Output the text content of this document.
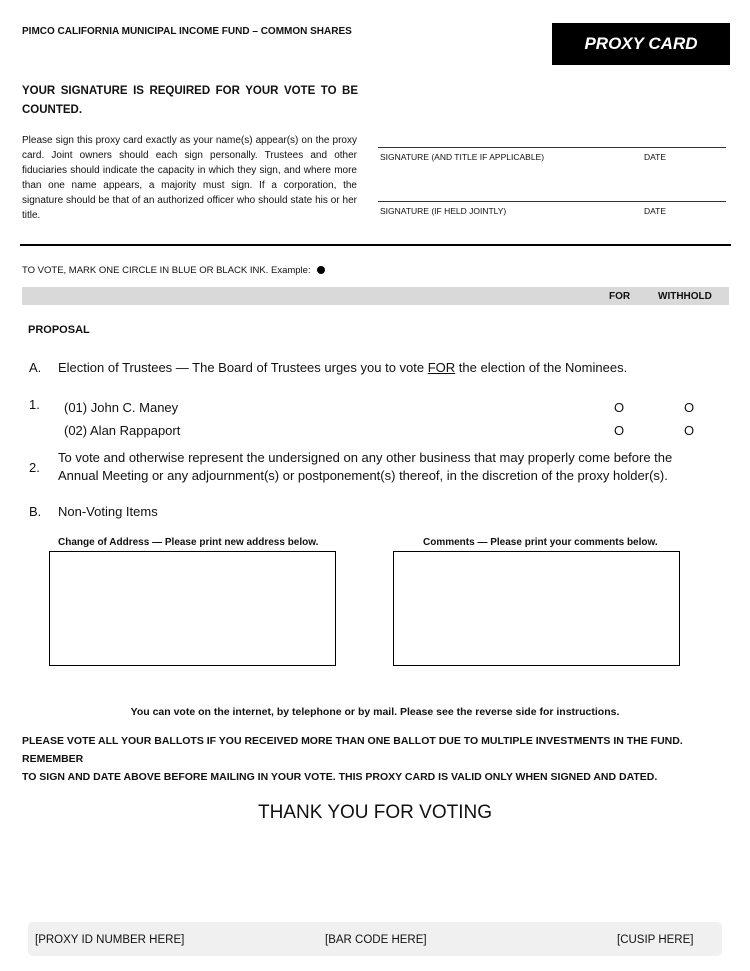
PIMCO CALIFORNIA MUNICIPAL INCOME FUND – COMMON SHARES
PROXY CARD
YOUR SIGNATURE IS REQUIRED FOR YOUR VOTE TO BE COUNTED.
Please sign this proxy card exactly as your name(s) appear(s) on the proxy card. Joint owners should each sign personally. Trustees and other fiduciaries should indicate the capacity in which they sign, and where more than one name appears, a majority must sign. If a corporation, the signature should be that of an authorized officer who should state his or her title.
SIGNATURE (AND TITLE IF APPLICABLE)	DATE
SIGNATURE (IF HELD JOINTLY)	DATE
TO VOTE, MARK ONE CIRCLE IN BLUE OR BLACK INK. Example:
FOR	WITHHOLD
PROPOSAL
A. Election of Trustees — The Board of Trustees urges you to vote FOR the election of the Nominees.
1. (01) John C. Maney	O	O
(02) Alan Rappaport	O	O
2.
To vote and otherwise represent the undersigned on any other business that may properly come before the
Annual Meeting or any adjournment(s) or postponement(s) thereof, in the discretion of the proxy holder(s).
B. Non-Voting Items
Change of Address — Please print new address below.	Comments — Please print your comments below.
You can vote on the internet, by telephone or by mail. Please see the reverse side for instructions.
PLEASE VOTE ALL YOUR BALLOTS IF YOU RECEIVED MORE THAN ONE BALLOT DUE TO MULTIPLE INVESTMENTS IN THE FUND. REMEMBER
TO SIGN AND DATE ABOVE BEFORE MAILING IN YOUR VOTE. THIS PROXY CARD IS VALID ONLY WHEN SIGNED AND DATED.
THANK YOU FOR VOTING
[PROXY ID NUMBER HERE]	[BAR CODE HERE]	[CUSIP HERE]
